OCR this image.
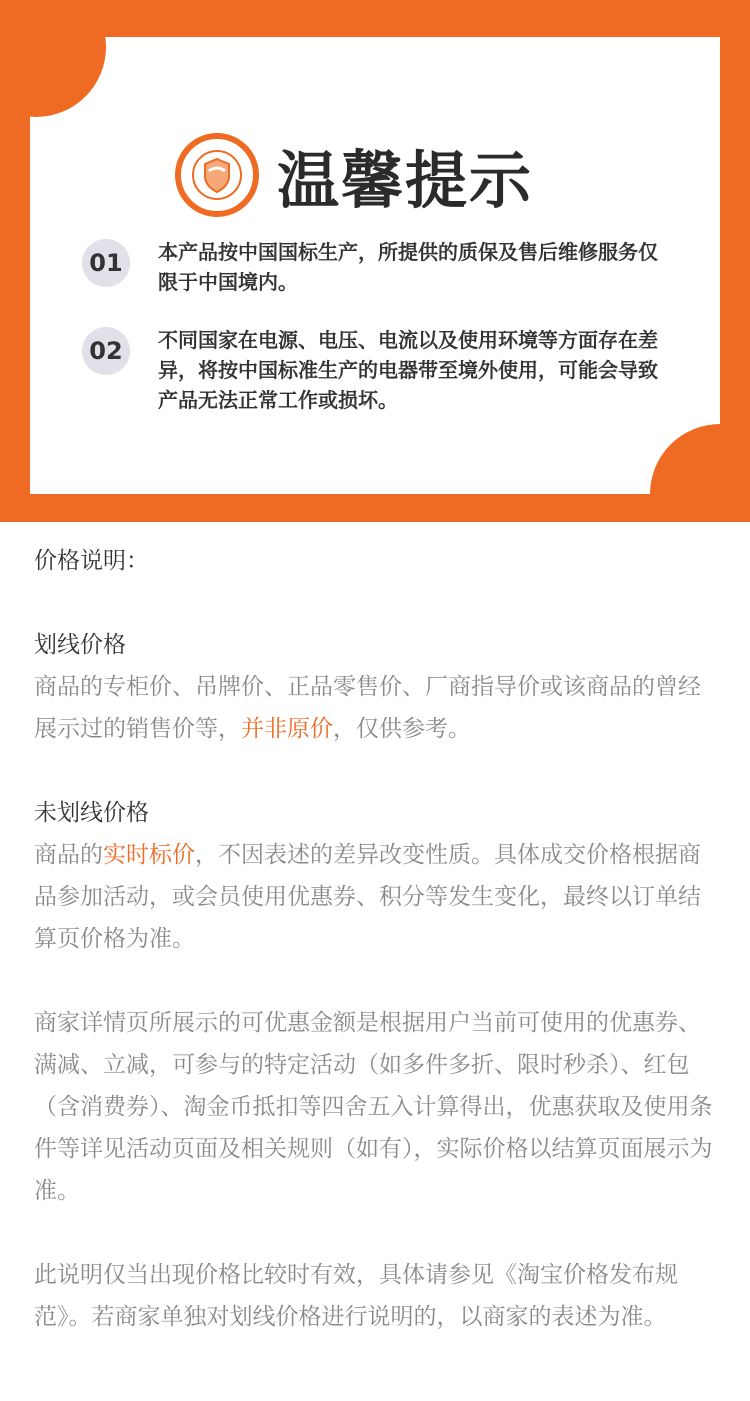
温馨提示
01	本产品按中国国标生产，所提供的质保及售后维修服务仅限于中国境内。
02	不同国家在电源、电压、电流以及使用环境等方面存在差异，将按中国标准生产的电器带至境外使用，可能会导致产品无法正常工作或损坏。

价格说明：

划线价格

商品的专柜价、吊牌价、正品零售价、厂商指导价或该商品的曾经展示过的销售价等，并非原价，仅供参考。

未划线价格

商品的实时标价，不因表述的差异改变性质。具体成交价格根据商品参加活动，或会员使用优惠券、积分等发生变化，最终以订单结算页价格为准。

商家详情页所展示的可优惠金额是根据用户当前可使用的优惠券、满减、立减，可参与的特定活动（如多件多折、限时秒杀）、红包（含消费券）、淘金币抵扣等四舍五入计算得出，优惠获取及使用条件等详见活动页面及相关规则（如有），实际价格以结算页面展示为准。

此说明仅当出现价格比较时有效，具体请参见《淘宝价格发布规范》。若商家单独对划线价格进行说明的，以商家的表述为准。
